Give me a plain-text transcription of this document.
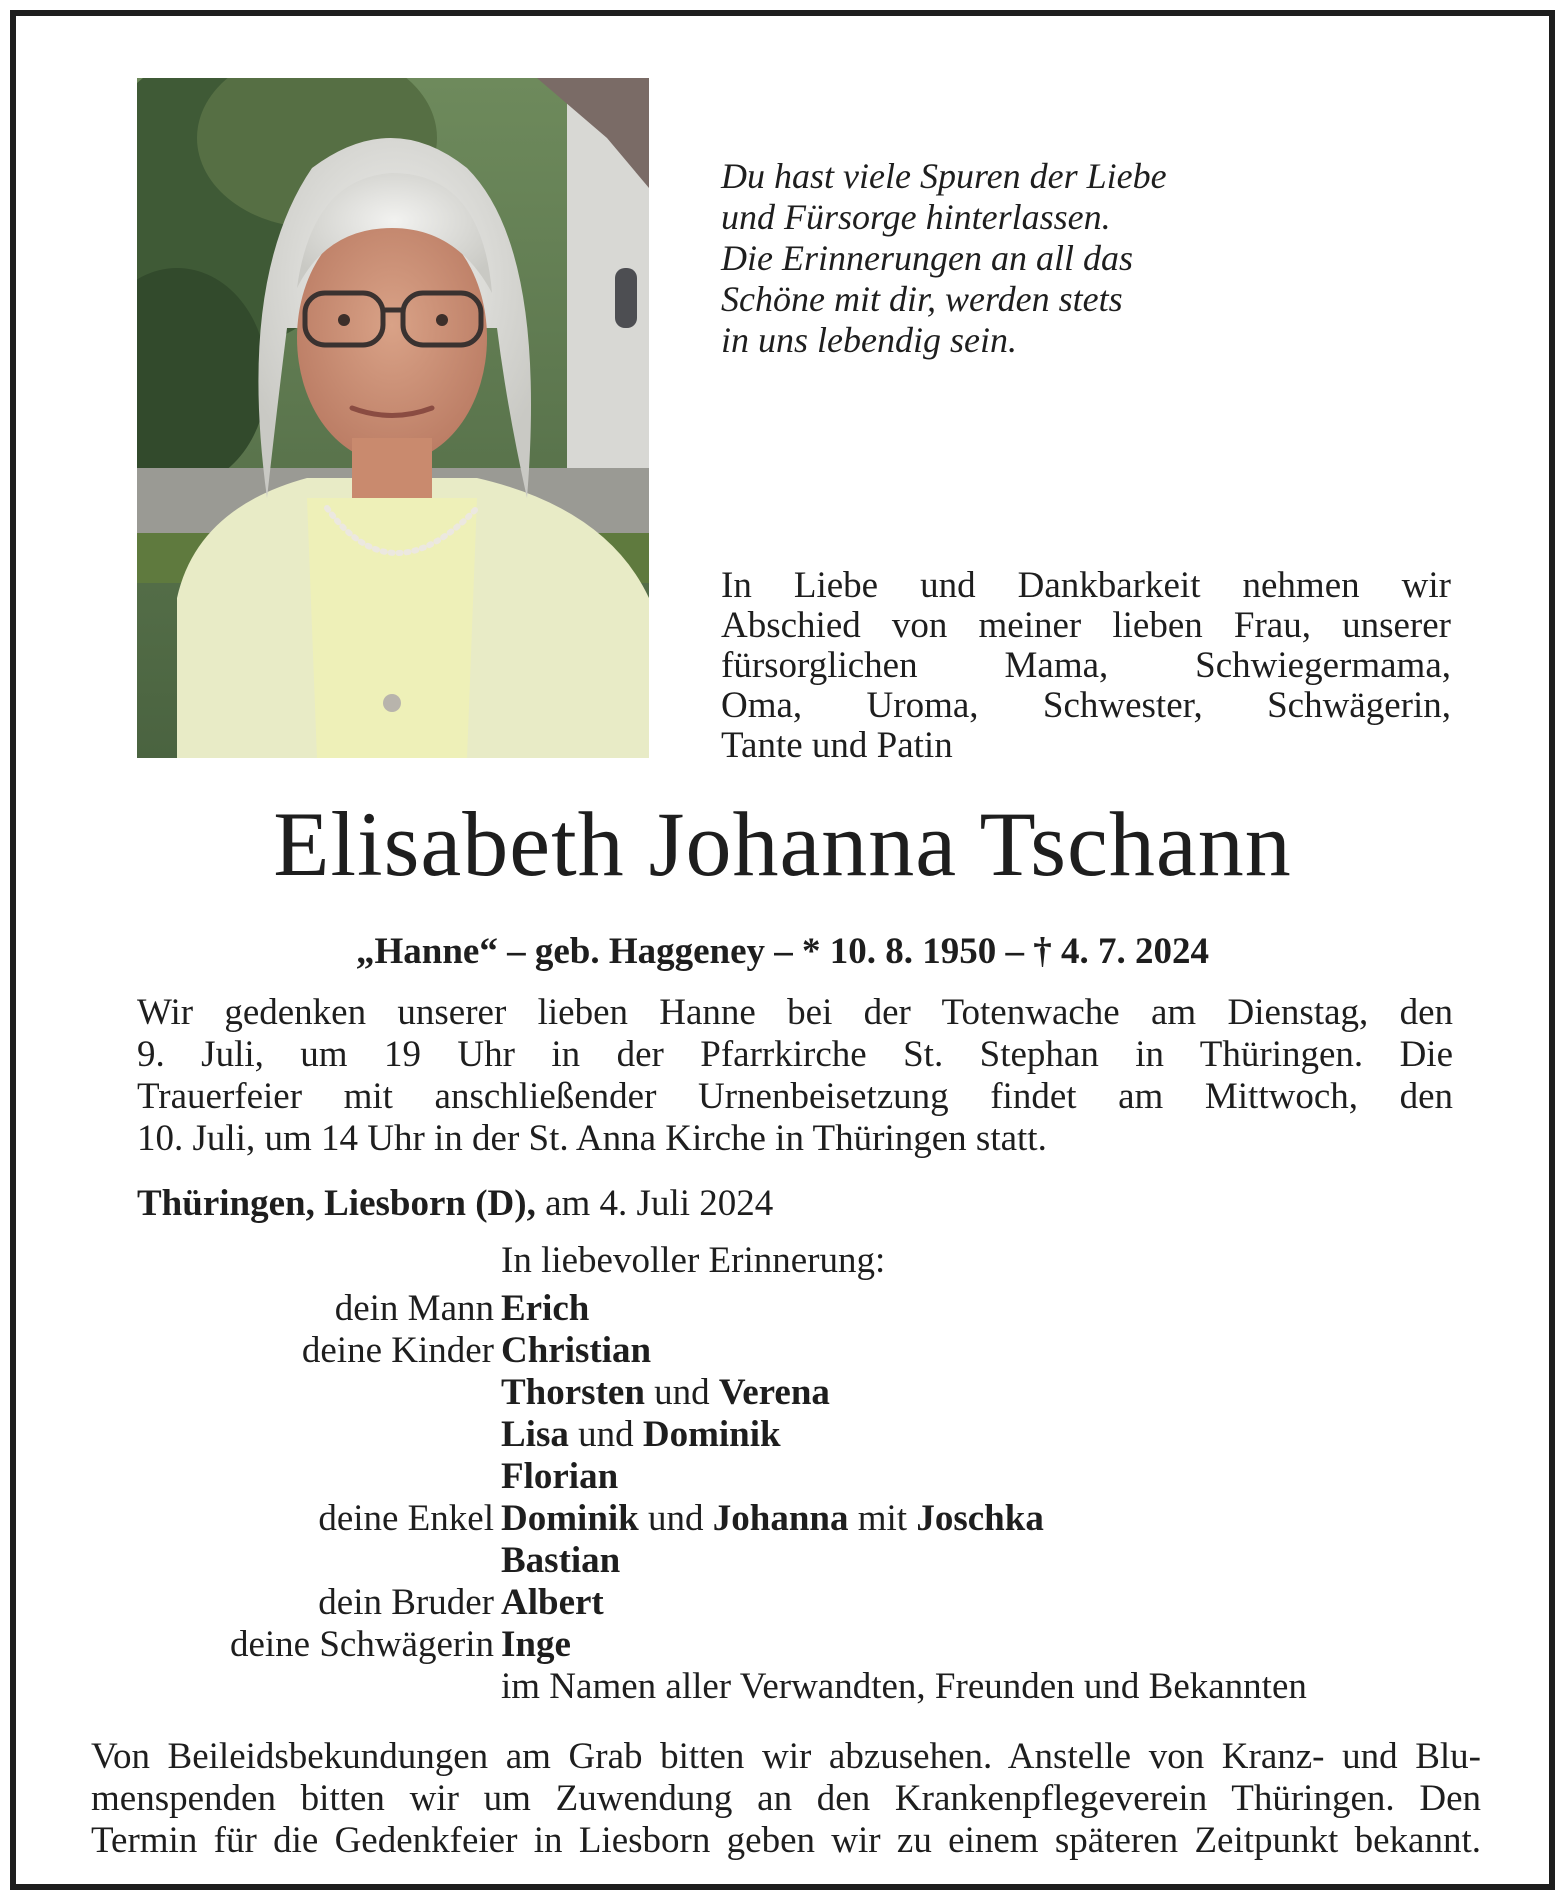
Du hast viele Spuren der Liebe
und Fürsorge hinterlassen.
Die Erinnerungen an all das
Schöne mit dir, werden stets
in uns lebendig sein.
In Liebe und Dankbarkeit nehmen wir
Abschied von meiner lieben Frau, unserer
fürsorglichen Mama, Schwiegermama,
Oma, Uroma, Schwester, Schwägerin,
Tante und Patin
Elisabeth Johanna Tschann
„Hanne“ – geb. Haggeney – * 10. 8. 1950 – † 4. 7. 2024
Wir gedenken unserer lieben Hanne bei der Totenwache am Dienstag, den
9. Juli, um 19 Uhr in der Pfarrkirche St. Stephan in Thüringen. Die
Trauerfeier mit anschließender Urnenbeisetzung findet am Mittwoch, den
10. Juli, um 14 Uhr in der St. Anna Kirche in Thüringen statt.
Thüringen, Liesborn (D), am 4. Juli 2024
In liebevoller Erinnerung:
dein Mann Erich
deine Kinder Christian
Thorsten und Verena
Lisa und Dominik
Florian
deine Enkel Dominik und Johanna mit Joschka
Bastian
dein Bruder Albert
deine Schwägerin Inge
im Namen aller Verwandten, Freunden und Bekannten
Von Beileidsbekundungen am Grab bitten wir abzusehen. Anstelle von Kranz- und Blu-
menspenden bitten wir um Zuwendung an den Krankenpflegeverein Thüringen. Den
Termin für die Gedenkfeier in Liesborn geben wir zu einem späteren Zeitpunkt bekannt.
